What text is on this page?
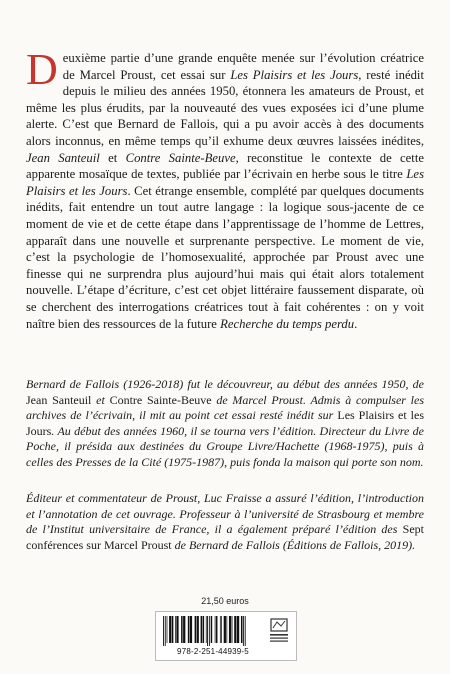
Deuxième partie d’une grande enquête menée sur l’évolution créatrice de Marcel Proust, cet essai sur Les Plaisirs et les Jours, resté inédit depuis le milieu des années 1950, étonnera les amateurs de Proust, et même les plus érudits, par la nouveauté des vues exposées ici d’une plume alerte. C’est que Bernard de Fallois, qui a pu avoir accès à des documents alors inconnus, en même temps qu’il exhume deux œuvres laissées inédites, Jean Santeuil et Contre Sainte-Beuve, reconstitue le contexte de cette apparente mosaïque de textes, publiée par l’écrivain en herbe sous le titre Les Plaisirs et les Jours. Cet étrange ensemble, complété par quelques documents inédits, fait entendre un tout autre langage : la logique sous-jacente de ce moment de vie et de cette étape dans l’apprentissage de l’homme de Lettres, apparaît dans une nouvelle et surprenante perspective. Le moment de vie, c’est la psychologie de l’homosexualité, approchée par Proust avec une finesse qui ne surprendra plus aujourd’hui mais qui était alors totalement nouvelle. L’étape d’écriture, c’est cet objet littéraire faussement disparate, où se cherchent des interrogations créatrices tout à fait cohérentes : on y voit naître bien des ressources de la future Recherche du temps perdu.
Bernard de Fallois (1926-2018) fut le découvreur, au début des années 1950, de Jean Santeuil et Contre Sainte-Beuve de Marcel Proust. Admis à compulser les archives de l’écrivain, il mit au point cet essai resté inédit sur Les Plaisirs et les Jours. Au début des années 1960, il se tourna vers l’édition. Directeur du Livre de Poche, il présida aux destinées du Groupe Livre/Hachette (1968-1975), puis à celles des Presses de la Cité (1975-1987), puis fonda la maison qui porte son nom.
Éditeur et commentateur de Proust, Luc Fraisse a assuré l’édition, l’introduction et l’annotation de cet ouvrage. Professeur à l’université de Strasbourg et membre de l’Institut universitaire de France, il a également préparé l’édition des Sept conférences sur Marcel Proust de Bernard de Fallois (Éditions de Fallois, 2019).
21,50 euros
978-2-251-44939-5
